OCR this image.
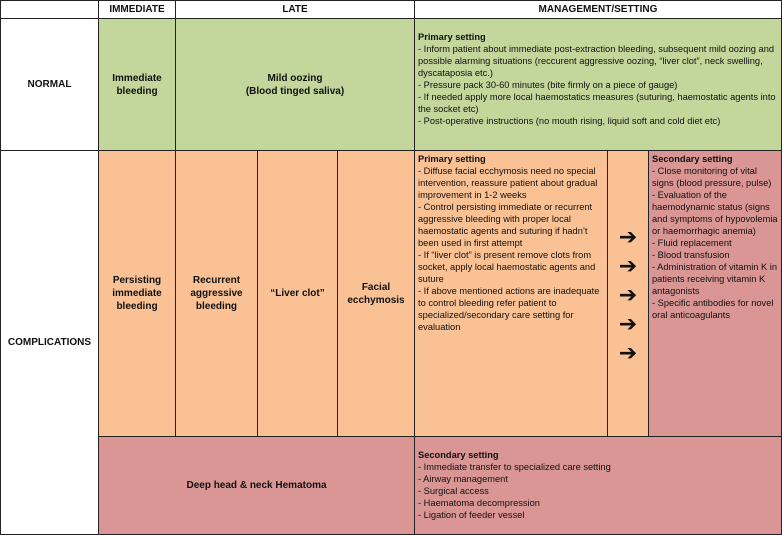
IMMEDIATE	LATE	MANAGEMENT/SETTING
NORMAL
Immediate
bleeding
Mild oozing
(Blood tinged saliva)
Primary setting
- Inform patient about immediate post-extraction bleeding, subsequent mild oozing and possible alarming situations (reccurent aggressive oozing, “liver clot”, neck swelling, dyscataposia etc.)
- Pressure pack 30-60 minutes (bite firmly on a piece of gauge)
- If needed apply more local haemostatics measures (suturing, haemostatic agents into the socket etc)
- Post-operative instructions (no mouth rising, liquid soft and cold diet etc)
COMPLICATIONS
Persisting
immediate
bleeding
Recurrent
aggressive
bleeding
“Liver clot”
Facial
ecchymosis
Primary setting
- Diffuse facial ecchymosis need no special intervention, reassure patient about gradual improvement in 1-2 weeks
- Control persisting immediate or recurrent aggressive bleeding with proper local haemostatic agents and suturing if hadn’t been used in first attempt
- If “liver clot” is present remove clots from socket, apply local haemostatic agents and suture
- If above mentioned actions are inadequate to control bleeding refer patient to specialized/secondary care setting for evaluation
➔
➔
➔
➔
➔
Secondary setting
- Close monitoring of vital signs (blood pressure, pulse)
- Evaluation of the haemodynamic status (signs and symptoms of hypovolemia or haemorrhagic anemia)
- Fluid replacement
- Blood transfusion
- Administration of vitamin K in patients receiving vitamin K antagonists
- Specific antibodies for novel oral anticoagulants
Deep head & neck Hematoma
Secondary setting
- Immediate transfer to specialized care setting
- Airway management
- Surgical access
- Haematoma decompression
- Ligation of feeder vessel
